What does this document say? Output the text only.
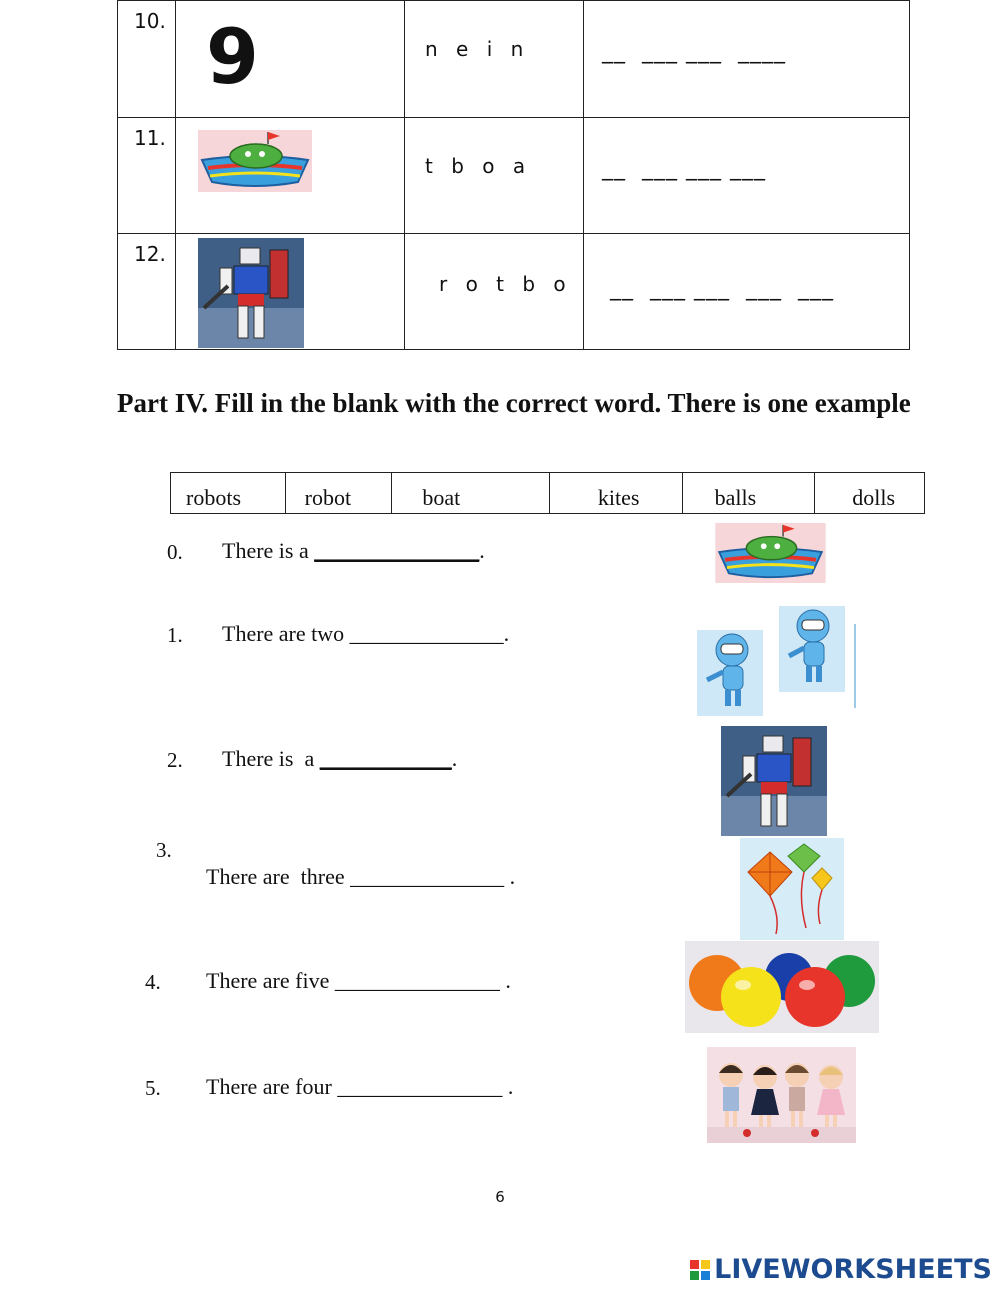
10.	9	n e i n	__  ___ ___  ____

11.		t b o a	__  ___ ___ ___

12.		r o t b o	__  ___ ___  ___  ___
Part IV. Fill in the blank with the correct word. There is one example
robots	robot	boat	kites	balls	dolls
0. There is a _______________.
1. There are two ______________.
2. There is  a ____________.
3.
There are  three ______________ .
4. There are five _______________ .
5. There are four _______________ .
6
LIVEWORKSHEETS
